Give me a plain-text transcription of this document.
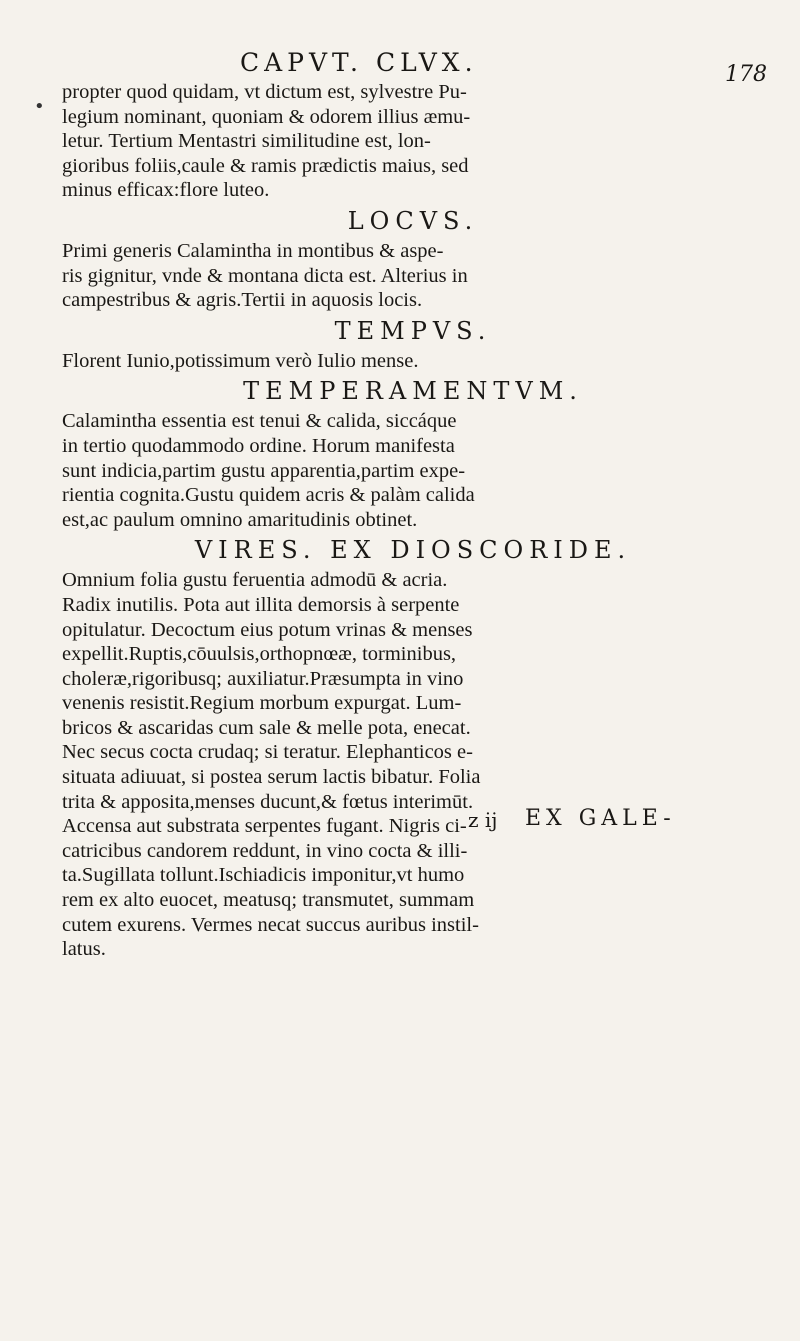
CAPVT. CLVX.	178
•

propter quod quidam, vt dictum est, sylvestre Pu-
legium nominant, quoniam & odorem illius æmu-
letur. Tertium Mentastri similitudine est, lon-
gioribus foliis,caule & ramis prædictis maius, sed
minus efficax:flore luteo.

LOCVS.

Primi generis Calamintha in montibus & aspe-
ris gignitur, vnde & montana dicta est. Alterius in
campestribus & agris.Tertii in aquosis locis.

TEMPVS.

Florent Iunio,potissimum verò Iulio mense.

TEMPERAMENTVM.

Calamintha essentia est tenui & calida, siccáque
in tertio quodammodo ordine. Horum manifesta
sunt indicia,partim gustu apparentia,partim expe-
rientia cognita.Gustu quidem acris & palàm calida
est,ac paulum omnino amaritudinis obtinet.

VIRES. EX DIOSCORIDE.

Omnium folia gustu feruentia admodū & acria.
Radix inutilis. Pota aut illita demorsis à serpente
opitulatur. Decoctum eius potum vrinas & menses
expellit.Ruptis,cōuulsis,orthopnœæ, torminibus,
choleræ,rigoribusq; auxiliatur.Præsumpta in vino
venenis resistit.Regium morbum expurgat. Lum-
bricos & ascaridas cum sale & melle pota, enecat.
Nec secus cocta crudaq; si teratur. Elephanticos e-
situata adiuuat, si postea serum lactis bibatur. Folia
trita & apposita,menses ducunt,& fœtus interimūt.
Accensa aut substrata serpentes fugant. Nigris ci-
catricibus candorem reddunt, in vino cocta & illi-
ta.Sugillata tollunt.Ischiadicis imponitur,vt humo
rem ex alto euocet, meatusq; transmutet, summam
cutem exurens. Vermes necat succus auribus instil-
latus.

z ij EX GALE-
